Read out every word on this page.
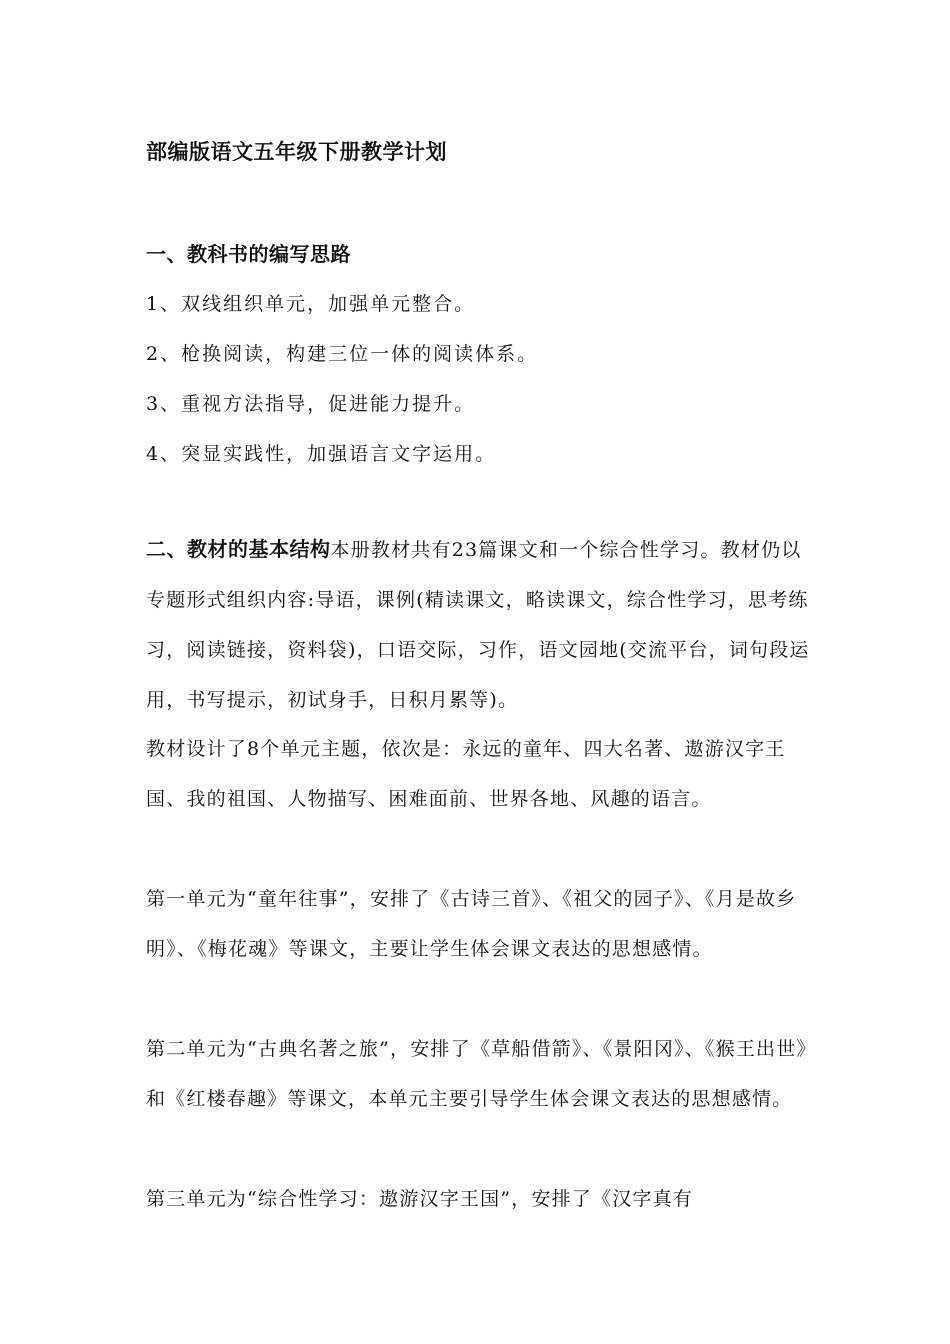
部编版语文五年级下册教学计划
一、教科书的编写思路
1、双线组织单元，加强单元整合。
2、枪换阅读，构建三位一体的阅读体系。
3、重视方法指导，促进能力提升。
4、突显实践性，加强语言文字运用。

二、教材的基本结构本册教材共有23篇课文和一个综合性学习。教材仍以专题形式组织内容:导语，课例(精读课文，略读课文，综合性学习，思考练习，阅读链接，资料袋)，口语交际，习作，语文园地(交流平台，词句段运用，书写提示，初试身手，日积月累等)。

教材设计了8个单元主题，依次是：永远的童年、四大名著、遨游汉字王国、我的祖国、人物描写、困难面前、世界各地、风趣的语言。

第一单元为“童年往事”，安排了《古诗三首》、《祖父的园子》、《月是故乡明》、《梅花魂》等课文，主要让学生体会课文表达的思想感情。

第二单元为“古典名著之旅”，安排了《草船借箭》、《景阳冈》、《猴王出世》和《红楼春趣》等课文，本单元主要引导学生体会课文表达的思想感情。

第三单元为“综合性学习：遨游汉字王国”，安排了《汉字真有
